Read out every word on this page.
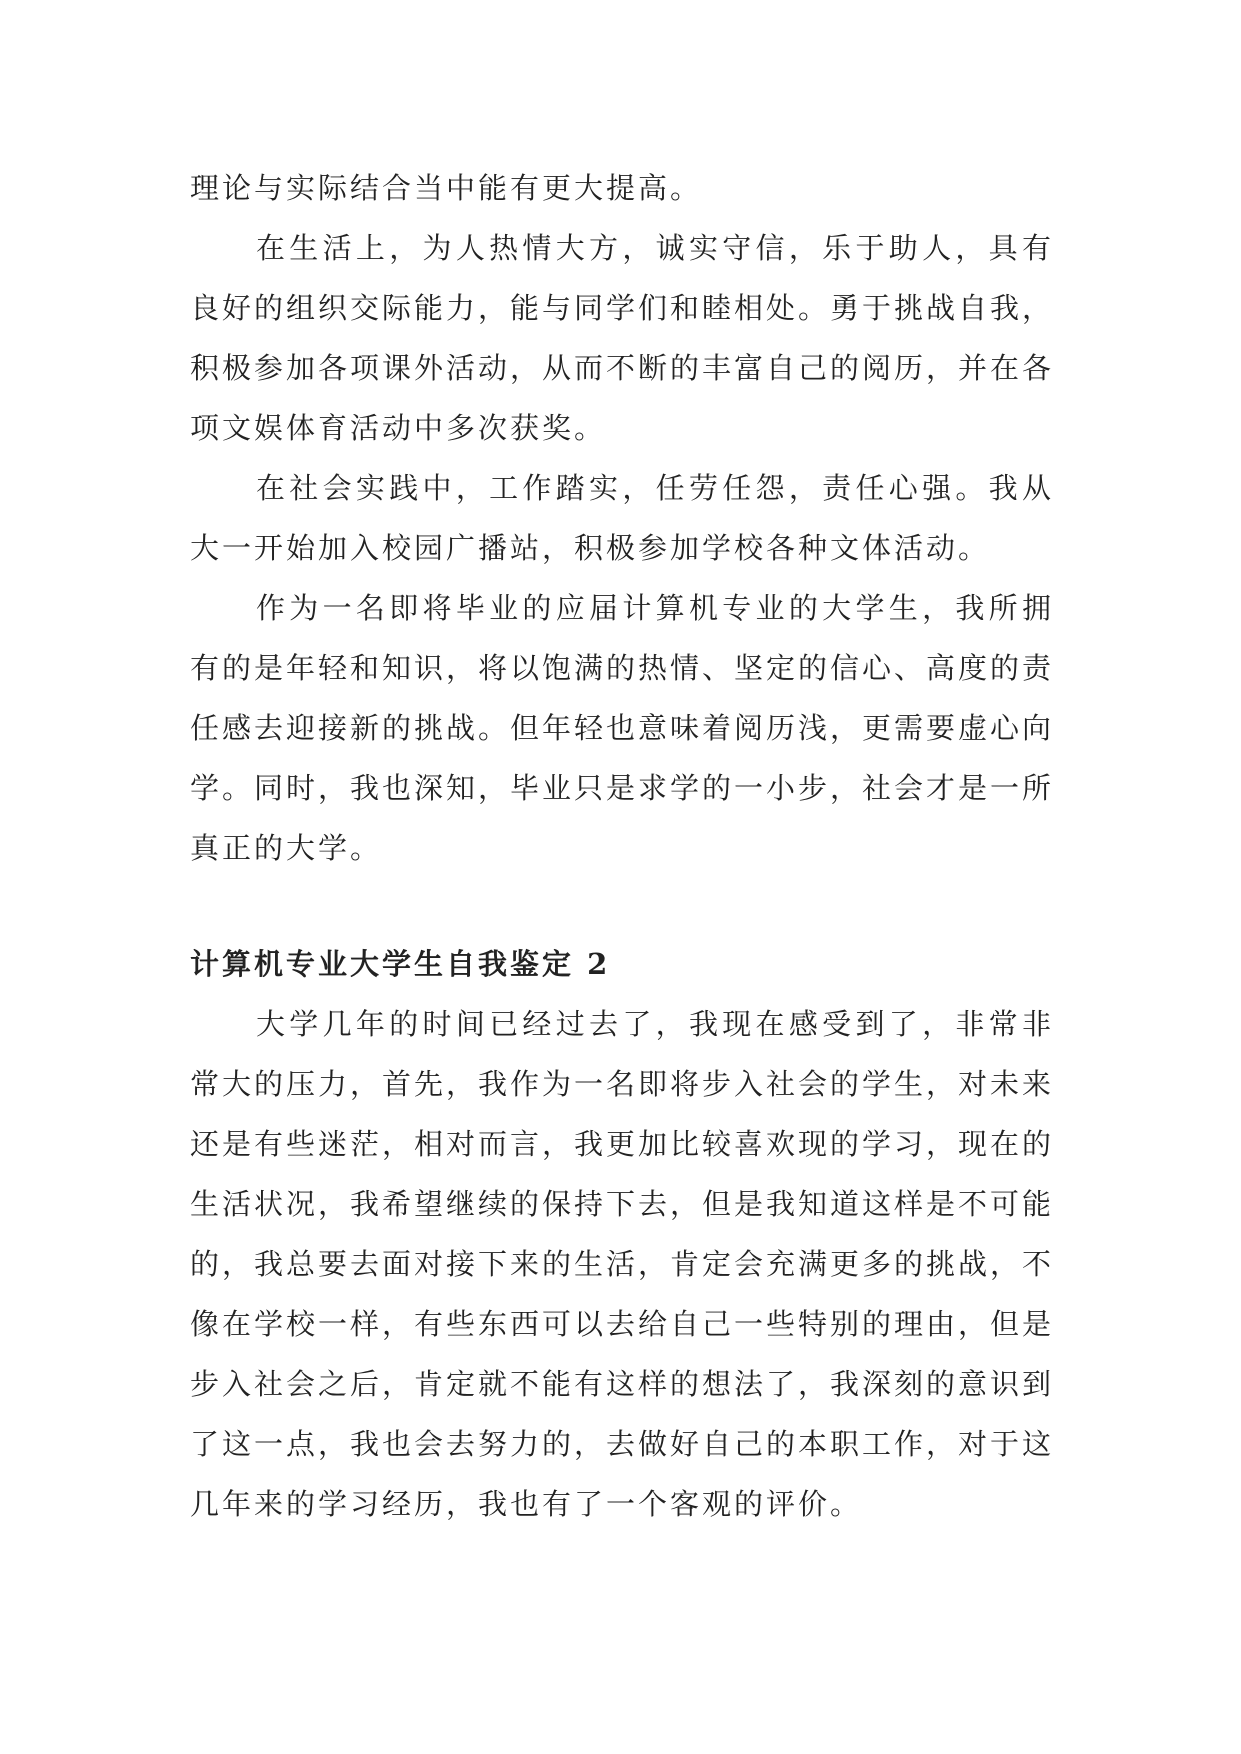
理论与实际结合当中能有更大提高。

在生活上，为人热情大方，诚实守信，乐于助人，具有良好的组织交际能力，能与同学们和睦相处。勇于挑战自我，积极参加各项课外活动，从而不断的丰富自己的阅历，并在各项文娱体育活动中多次获奖。

在社会实践中，工作踏实，任劳任怨，责任心强。我从大一开始加入校园广播站，积极参加学校各种文体活动。

作为一名即将毕业的应届计算机专业的大学生，我所拥有的是年轻和知识，将以饱满的热情、坚定的信心、高度的责任感去迎接新的挑战。但年轻也意味着阅历浅，更需要虚心向学。同时，我也深知，毕业只是求学的一小步，社会才是一所真正的大学。

计算机专业大学生自我鉴定 2

大学几年的时间已经过去了，我现在感受到了，非常非常大的压力，首先，我作为一名即将步入社会的学生，对未来还是有些迷茫，相对而言，我更加比较喜欢现的学习，现在的生活状况，我希望继续的保持下去，但是我知道这样是不可能的，我总要去面对接下来的生活，肯定会充满更多的挑战，不像在学校一样，有些东西可以去给自己一些特别的理由，但是步入社会之后，肯定就不能有这样的想法了，我深刻的意识到了这一点，我也会去努力的，去做好自己的本职工作，对于这几年来的学习经历，我也有了一个客观的评价。
